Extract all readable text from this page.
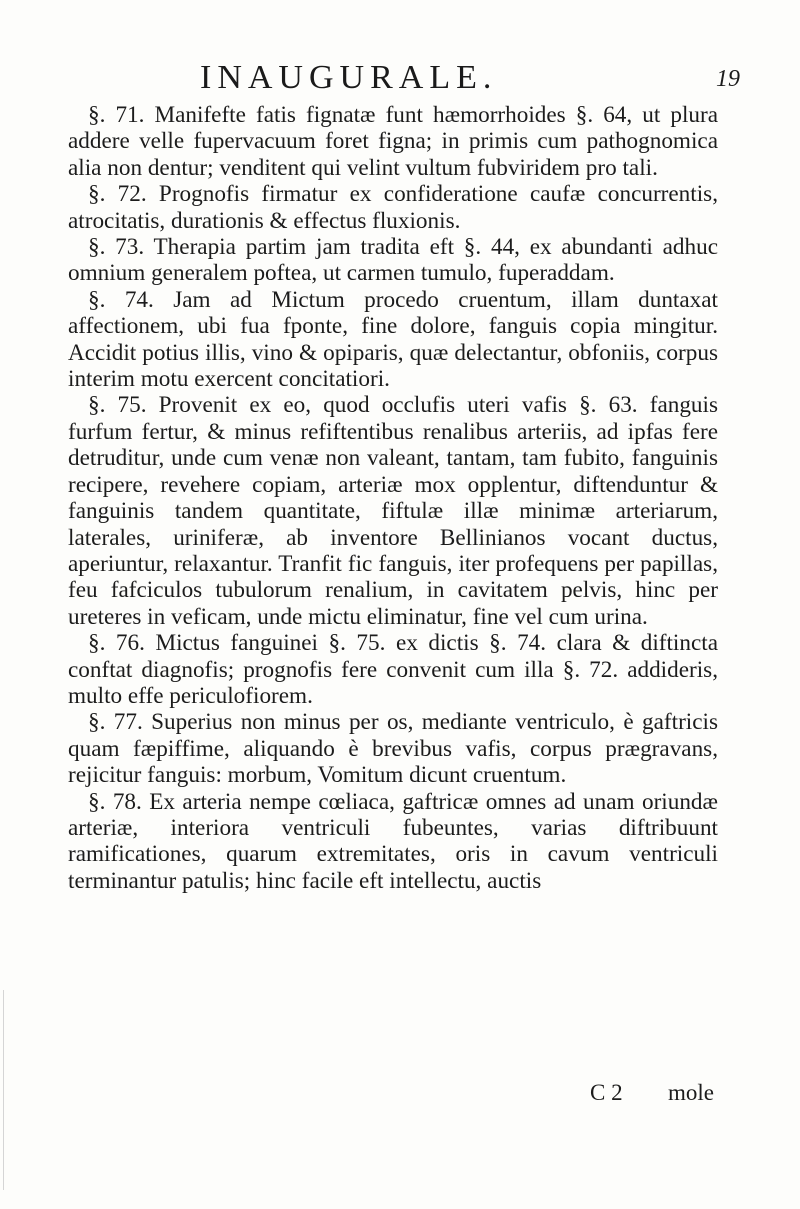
INAUGURALE.	19

§. 71. Manifefte fatis fignatæ funt hæmorrhoides §. 64, ut plura addere velle fupervacuum foret figna; in primis cum pathognomica alia non dentur; venditent qui velint vultum fubviridem pro tali.

§. 72. Prognofis firmatur ex confideratione caufæ concurrentis, atrocitatis, durationis & effectus fluxionis.

§. 73. Therapia partim jam tradita eft §. 44, ex abundanti adhuc omnium generalem poftea, ut carmen tumulo, fuperaddam.

§. 74. Jam ad Mictum procedo cruentum, illam duntaxat affectionem, ubi fua fponte, fine dolore, fanguis copia mingitur. Accidit potius illis, vino & opiparis, quæ delectantur, obfoniis, corpus interim motu exercent concitatiori.

§. 75. Provenit ex eo, quod occlufis uteri vafis §. 63. fanguis furfum fertur, & minus refiftentibus renalibus arteriis, ad ipfas fere detruditur, unde cum venæ non valeant, tantam, tam fubito, fanguinis recipere, revehere copiam, arteriæ mox opplentur, diftenduntur & fanguinis tandem quantitate, fiftulæ illæ minimæ arteriarum, laterales, uriniferæ, ab inventore Bellinianos vocant ductus, aperiuntur, relaxantur. Tranfit fic fanguis, iter profequens per papillas, feu fafciculos tubulorum renalium, in cavitatem pelvis, hinc per ureteres in veficam, unde mictu eliminatur, fine vel cum urina.

§. 76. Mictus fanguinei §. 75. ex dictis §. 74. clara & diftincta conftat diagnofis; prognofis fere convenit cum illa §. 72. addideris, multo effe periculofiorem.

§. 77. Superius non minus per os, mediante ventriculo, è gaftricis quam fæpiffime, aliquando è brevibus vafis, corpus prægravans, rejicitur fanguis: morbum, Vomitum dicunt cruentum.

§. 78. Ex arteria nempe cœliaca, gaftricæ omnes ad unam oriundæ arteriæ, interiora ventriculi fubeuntes, varias diftribuunt ramificationes, quarum extremitates, oris in cavum ventriculi terminantur patulis; hinc facile eft intellectu, auctis

C 2 mole
